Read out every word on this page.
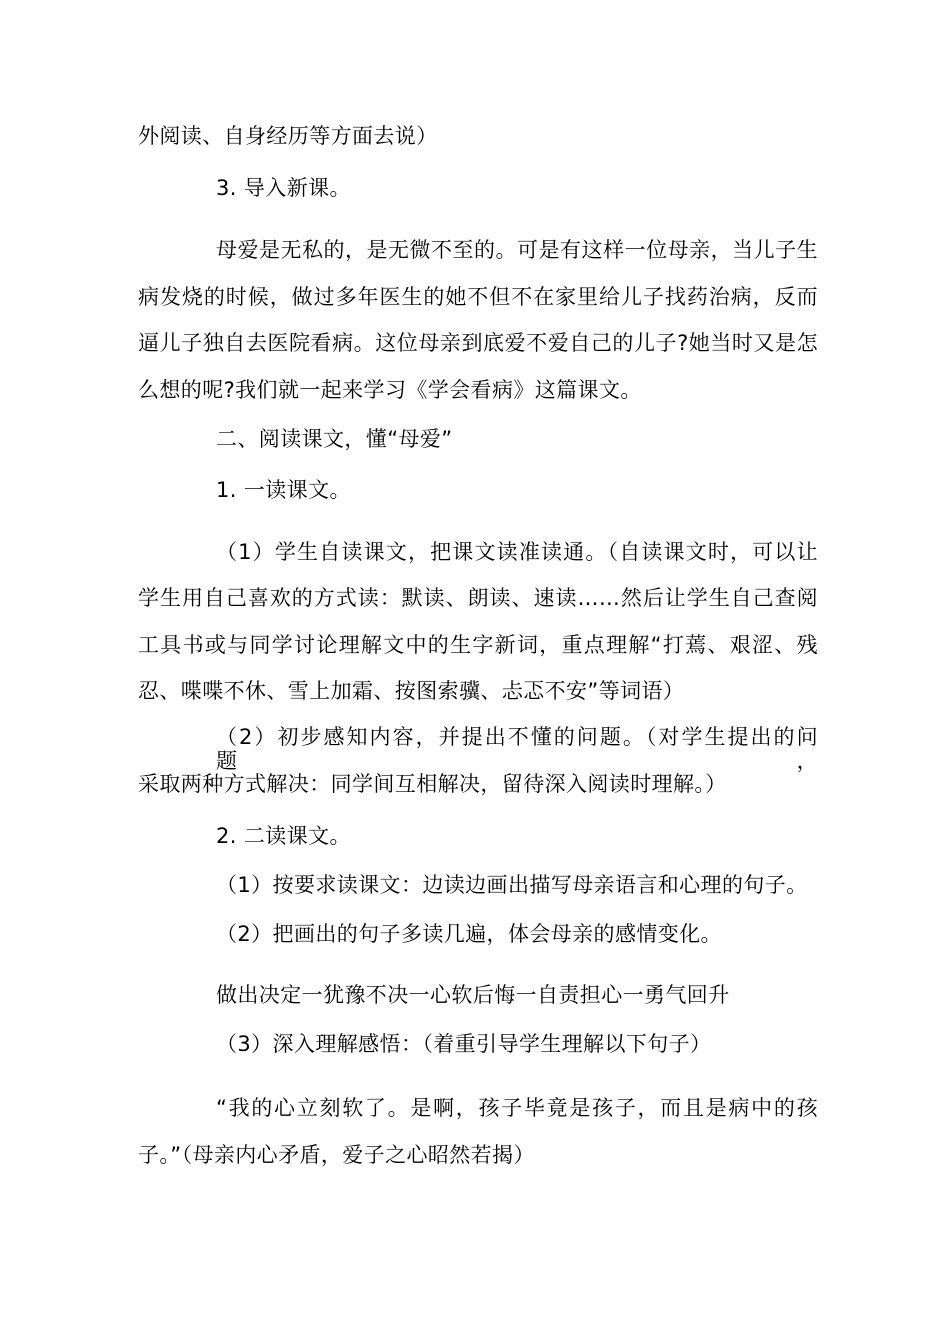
外阅读、自身经历等方面去说）
3. 导入新课。
母爱是无私的，是无微不至的。可是有这样一位母亲，当儿子生
病发烧的时候，做过多年医生的她不但不在家里给儿子找药治病，反而
逼儿子独自去医院看病。这位母亲到底爱不爱自己的儿子?她当时又是怎
么想的呢?我们就一起来学习《学会看病》这篇课文。
二、阅读课文，懂“母爱”
1. 一读课文。
（1）学生自读课文，把课文读准读通。（自读课文时，可以让
学生用自己喜欢的方式读：默读、朗读、速读……然后让学生自己查阅
工具书或与同学讨论理解文中的生字新词，重点理解“打蔫、艰涩、残
忍、喋喋不休、雪上加霜、按图索骥、忐忑不安”等词语）
（2）初步感知内容，并提出不懂的问题。（对学生提出的问题，
采取两种方式解决：同学间互相解决，留待深入阅读时理解。）
2. 二读课文。
（1）按要求读课文：边读边画出描写母亲语言和心理的句子。
（2）把画出的句子多读几遍，体会母亲的感情变化。
做出决定一犹豫不决一心软后悔一自责担心一勇气回升
（3）深入理解感悟：（着重引导学生理解以下句子）
“我的心立刻软了。是啊，孩子毕竟是孩子，而且是病中的孩
子。”（母亲内心矛盾，爱子之心昭然若揭）
